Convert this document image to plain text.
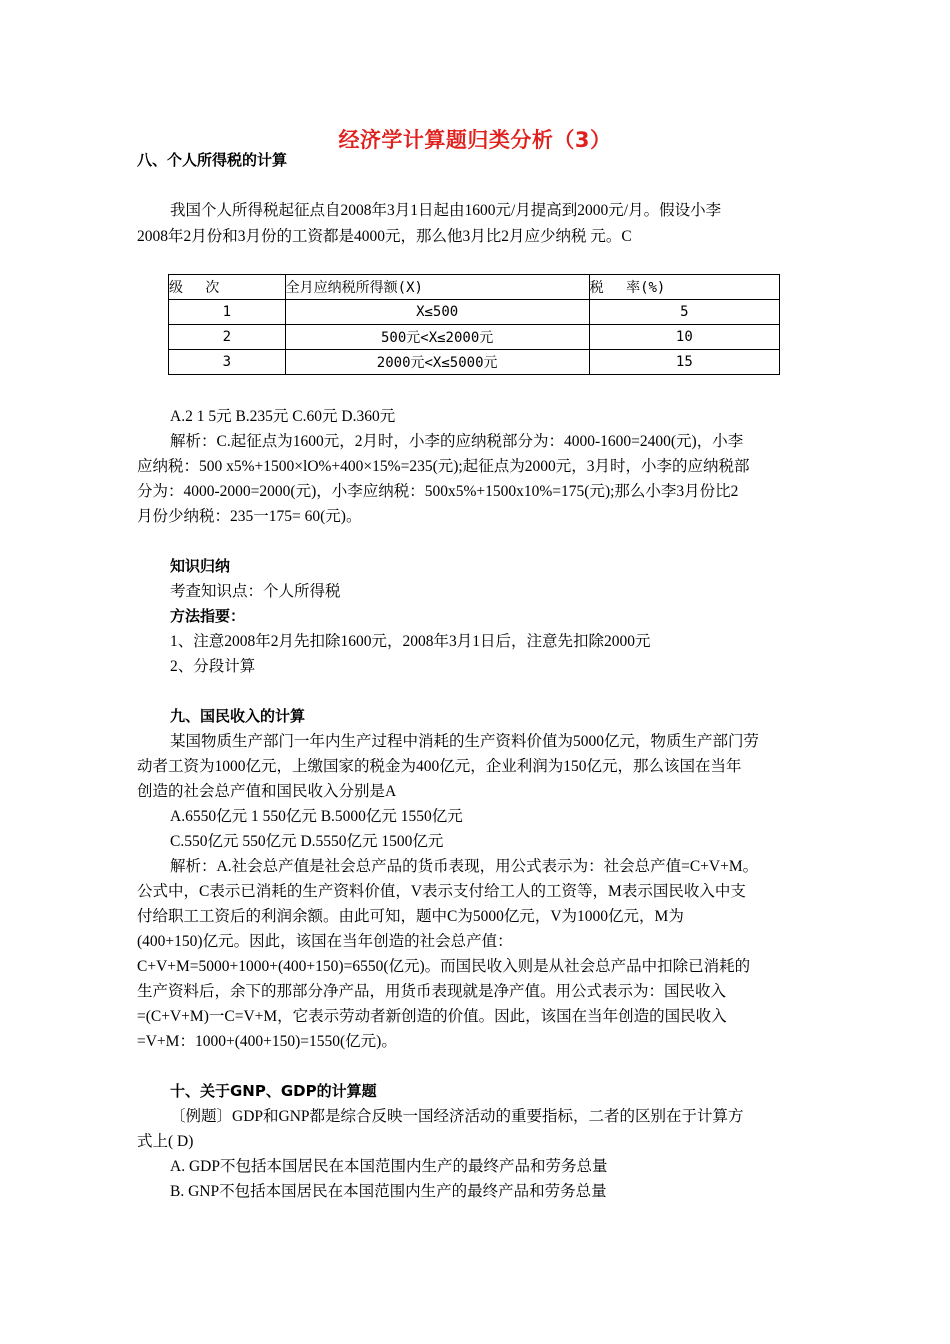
经济学计算题归类分析（3）
八、个人所得税的计算
我国个人所得税起征点自2008年3月1日起由1600元/月提高到2000元/月。假设小李
2008年2月份和3月份的工资都是4000元，那么他3月比2月应少纳税 元。C
级　 次	全月应纳税所得额(X)	税　 率(%)
1	X≤500	5
2	500元<X≤2000元	10
3	2000元<X≤5000元	15
A.2 1 5元 B.235元 C.60元 D.360元
解析：C.起征点为1600元，2月时，小李的应纳税部分为：4000-1600=2400(元)，小李
应纳税：500 x5%+1500×lO%+400×15%=235(元);起征点为2000元，3月时，小李的应纳税部
分为：4000-2000=2000(元)，小李应纳税：500x5%+1500x10%=175(元);那么小李3月份比2
月份少纳税：235一175= 60(元)。
知识归纳
考查知识点：个人所得税
方法指要：
1、注意2008年2月先扣除1600元，2008年3月1日后，注意先扣除2000元
2、分段计算
九、国民收入的计算
某国物质生产部门一年内生产过程中消耗的生产资料价值为5000亿元，物质生产部门劳
动者工资为1000亿元，上缴国家的税金为400亿元，企业利润为150亿元，那么该国在当年
创造的社会总产值和国民收入分别是A
A.6550亿元 1 550亿元 B.5000亿元 1550亿元
C.550亿元 550亿元 D.5550亿元 1500亿元
解析：A.社会总产值是社会总产品的货币表现，用公式表示为：社会总产值=C+V+M。
公式中，C表示已消耗的生产资料价值，V表示支付给工人的工资等，M表示国民收入中支
付给职工工资后的利润余额。由此可知，题中C为5000亿元，V为1000亿元，M为
(400+150)亿元。因此，该国在当年创造的社会总产值：
C+V+M=5000+1000+(400+150)=6550(亿元)。而国民收入则是从社会总产品中扣除已消耗的
生产资料后，余下的那部分净产品，用货币表现就是净产值。用公式表示为：国民收入
=(C+V+M)一C=V+M，它表示劳动者新创造的价值。因此，该国在当年创造的国民收入
=V+M：1000+(400+150)=1550(亿元)。
十、关于GNP、GDP的计算题
〔例题〕GDP和GNP都是综合反映一国经济活动的重要指标，二者的区别在于计算方
式上( D)
A. GDP不包括本国居民在本国范围内生产的最终产品和劳务总量
B. GNP不包括本国居民在本国范围内生产的最终产品和劳务总量
